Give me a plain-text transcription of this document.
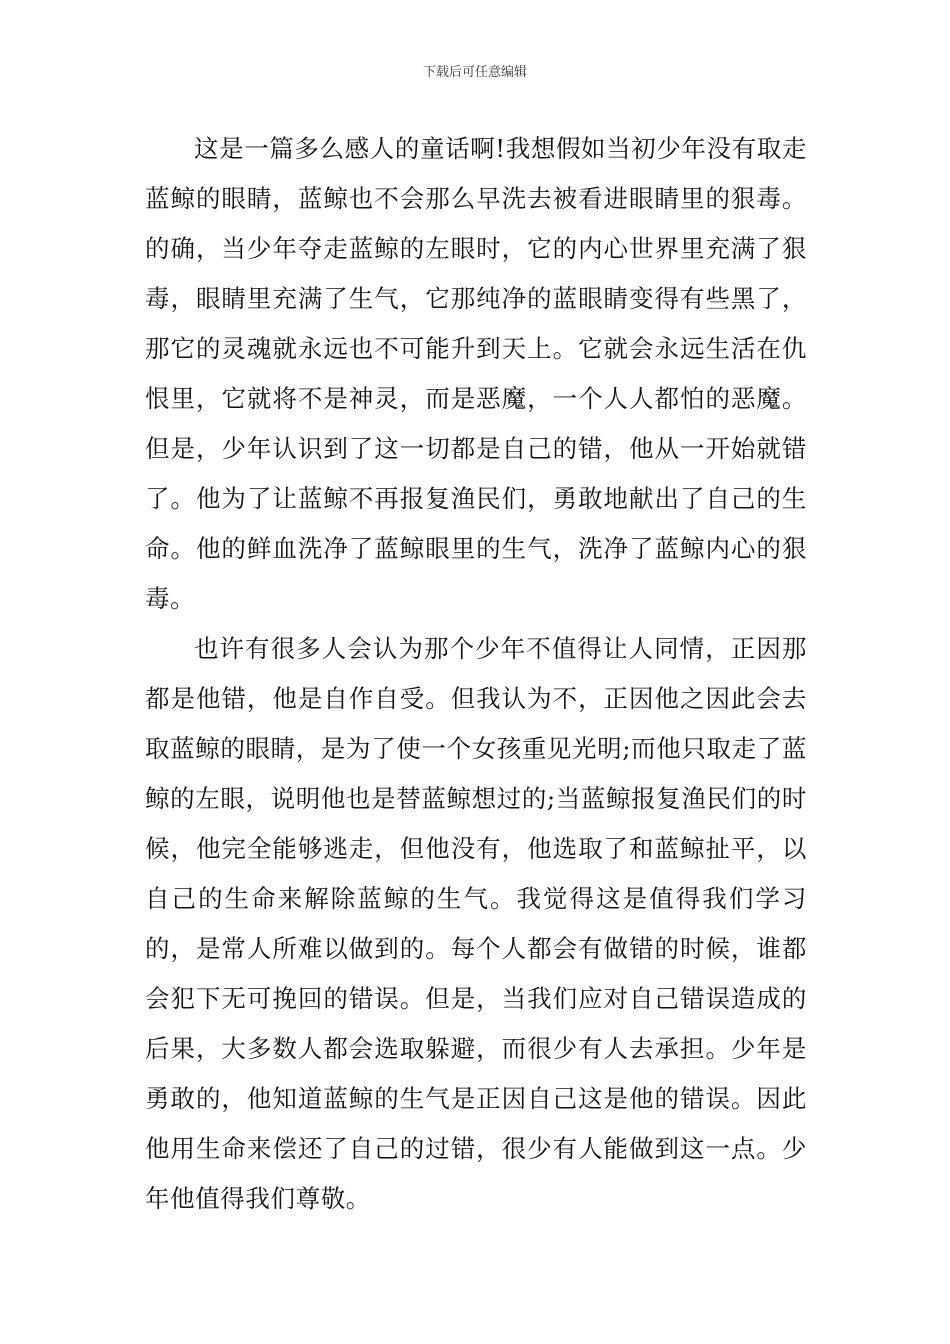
下载后可任意编辑

这是一篇多么感人的童话啊!我想假如当初少年没有取走蓝鲸的眼睛，蓝鲸也不会那么早洗去被看进眼睛里的狠毒。的确，当少年夺走蓝鲸的左眼时，它的内心世界里充满了狠毒，眼睛里充满了生气，它那纯净的蓝眼睛变得有些黑了，那它的灵魂就永远也不可能升到天上。它就会永远生活在仇恨里，它就将不是神灵，而是恶魔，一个人人都怕的恶魔。但是，少年认识到了这一切都是自己的错，他从一开始就错了。他为了让蓝鲸不再报复渔民们，勇敢地献出了自己的生命。他的鲜血洗净了蓝鲸眼里的生气，洗净了蓝鲸内心的狠毒。

也许有很多人会认为那个少年不值得让人同情，正因那都是他错，他是自作自受。但我认为不，正因他之因此会去取蓝鲸的眼睛，是为了使一个女孩重见光明;而他只取走了蓝鲸的左眼，说明他也是替蓝鲸想过的;当蓝鲸报复渔民们的时候，他完全能够逃走，但他没有，他选取了和蓝鲸扯平，以自己的生命来解除蓝鲸的生气。我觉得这是值得我们学习的，是常人所难以做到的。每个人都会有做错的时候，谁都会犯下无可挽回的错误。但是，当我们应对自己错误造成的后果，大多数人都会选取躲避，而很少有人去承担。少年是勇敢的，他知道蓝鲸的生气是正因自己这是他的错误。因此他用生命来偿还了自己的过错，很少有人能做到这一点。少年他值得我们尊敬。
